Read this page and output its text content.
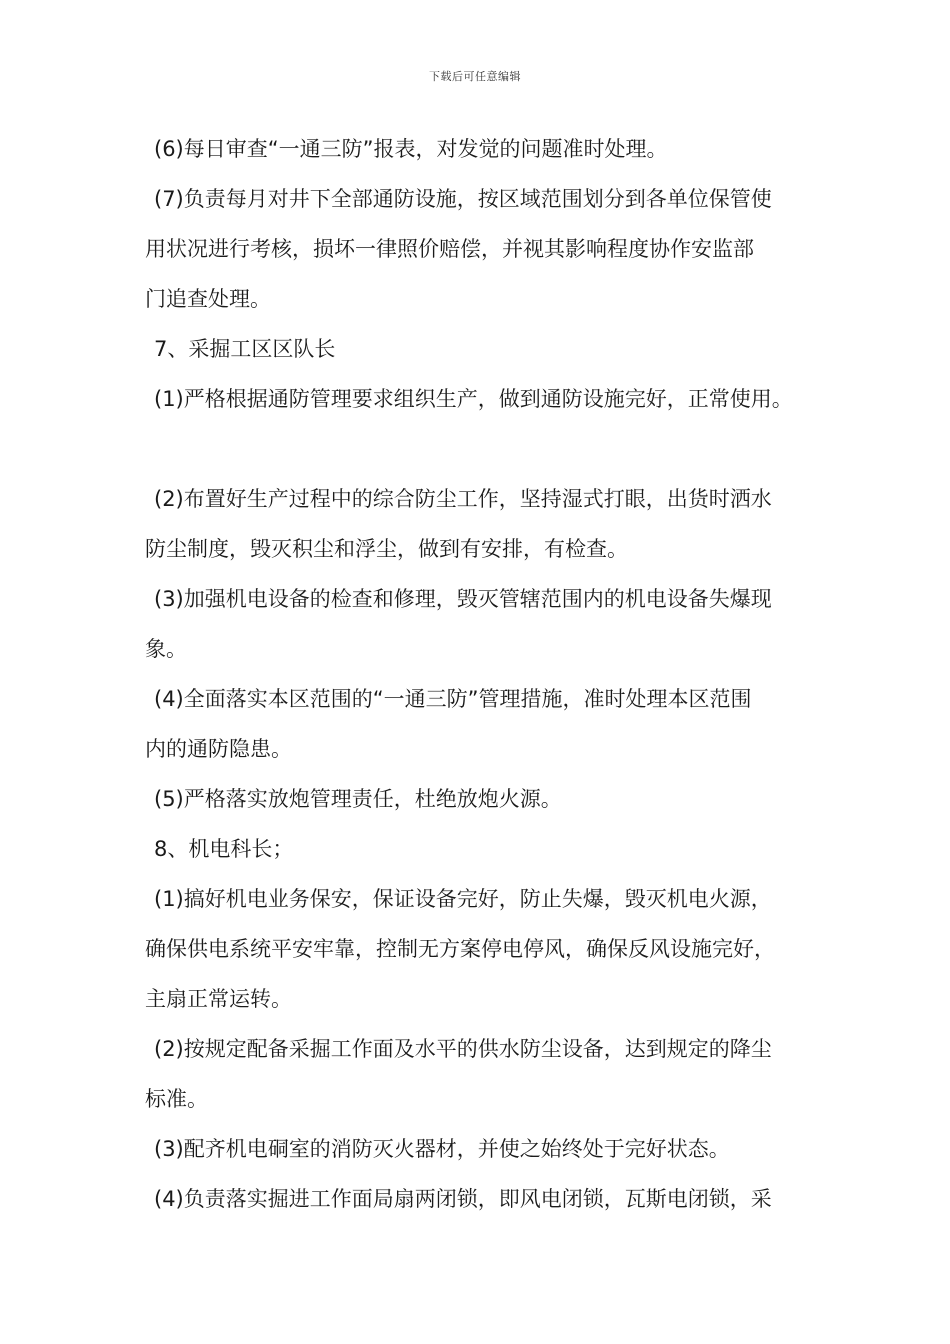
下载后可任意编辑
(6)每日审查“一通三防”报表，对发觉的问题准时处理。
(7)负责每月对井下全部通防设施，按区域范围划分到各单位保管使
用状况进行考核，损坏一律照价赔偿，并视其影响程度协作安监部
门追查处理。
7、采掘工区区队长
(1)严格根据通防管理要求组织生产，做到通防设施完好，正常使用。
(2)布置好生产过程中的综合防尘工作，坚持湿式打眼，出货时洒水
防尘制度，毁灭积尘和浮尘，做到有安排，有检查。
(3)加强机电设备的检查和修理，毁灭管辖范围内的机电设备失爆现
象。
(4)全面落实本区范围的“一通三防”管理措施，准时处理本区范围
内的通防隐患。
(5)严格落实放炮管理责任，杜绝放炮火源。
8、机电科长；
(1)搞好机电业务保安，保证设备完好，防止失爆，毁灭机电火源，
确保供电系统平安牢靠，控制无方案停电停风，确保反风设施完好，
主扇正常运转。
(2)按规定配备采掘工作面及水平的供水防尘设备，达到规定的降尘
标准。
(3)配齐机电硐室的消防灭火器材，并使之始终处于完好状态。
(4)负责落实掘进工作面局扇两闭锁，即风电闭锁，瓦斯电闭锁，采
